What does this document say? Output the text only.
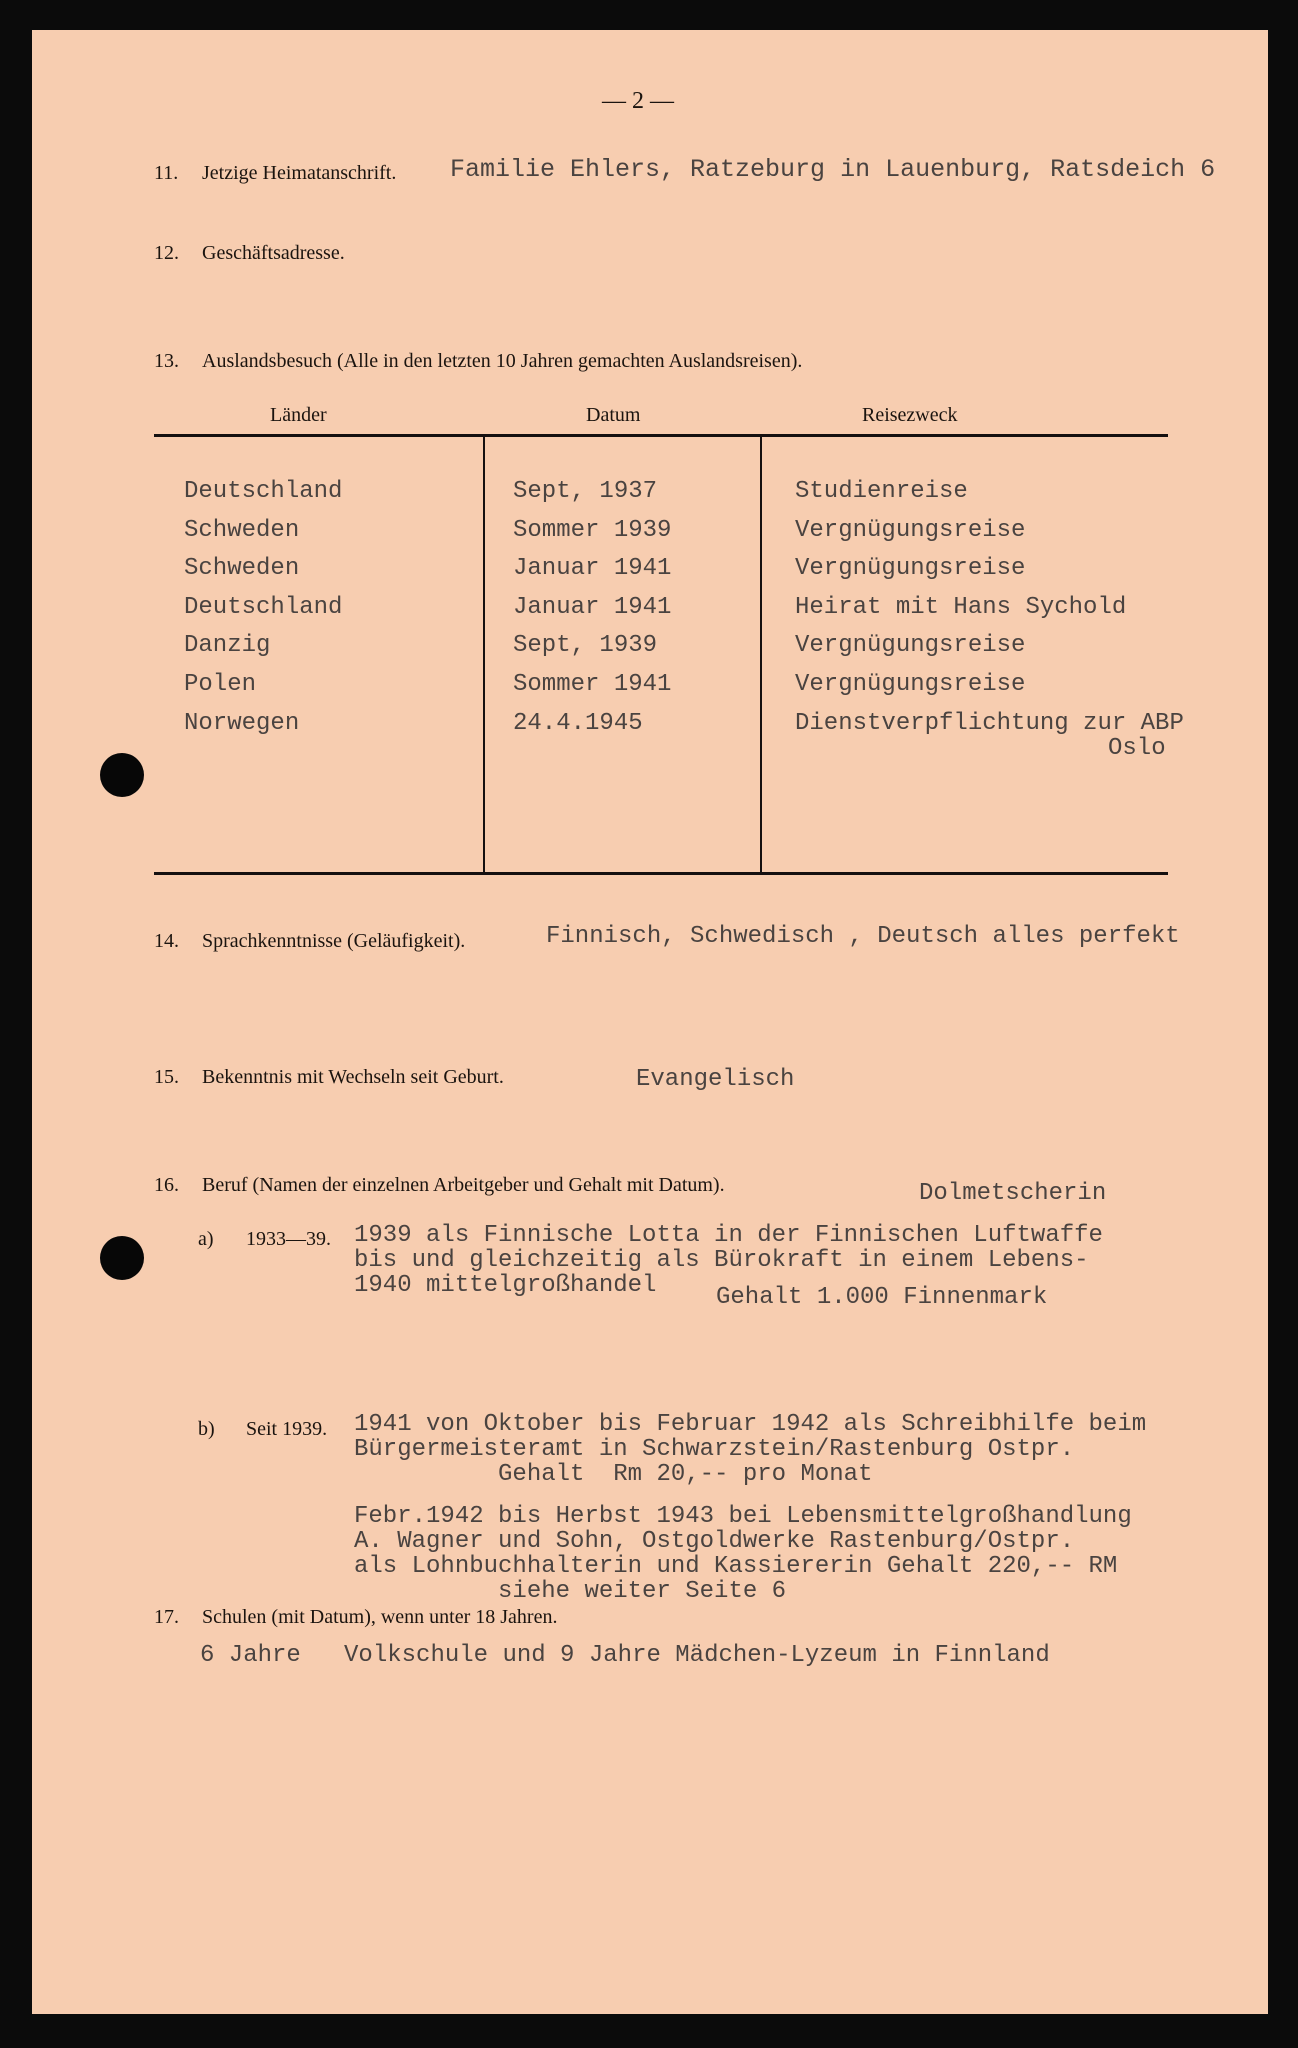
— 2 —
11. Jetzige Heimatanschrift. Familie Ehlers, Ratzeburg in Lauenburg, Ratsdeich 6
12. Geschäftsadresse.
13. Auslandsbesuch (Alle in den letzten 10 Jahren gemachten Auslandsreisen).
Länder	Datum	Reisezweck
Deutschland	Sept, 1937	Studienreise
Schweden	Sommer 1939	Vergnügungsreise
Schweden	Januar 1941	Vergnügungsreise
Deutschland	Januar 1941	Heirat mit Hans Sychold
Danzig	Sept, 1939	Vergnügungsreise
Polen	Sommer 1941	Vergnügungsreise
Norwegen	24.4.1945	Dienstverpflichtung zur ABP
Oslo
14. Sprachkenntnisse (Geläufigkeit).	Finnisch, Schwedisch , Deutsch alles perfekt
15. Bekenntnis mit Wechseln seit Geburt.	Evangelisch
16. Beruf (Namen der einzelnen Arbeitgeber und Gehalt mit Datum).	Dolmetscherin
a) 1933—39. 1939 als Finnische Lotta in der Finnischen Luftwaffe
bis und gleichzeitig als Bürokraft in einem Lebens-
1940 mittelgroßhandel Gehalt 1.000 Finnenmark
b) Seit 1939. 1941 von Oktober bis Februar 1942 als Schreibhilfe beim
Bürgermeisteramt in Schwarzstein/Rastenburg Ostpr.
Gehalt  Rm 20,-- pro Monat
Febr.1942 bis Herbst 1943 bei Lebensmittelgroßhandlung
A. Wagner und Sohn, Ostgoldwerke Rastenburg/Ostpr.
als Lohnbuchhalterin und Kassiererin Gehalt 220,-- RM
siehe weiter Seite 6
17. Schulen (mit Datum), wenn unter 18 Jahren.
6 Jahre   Volkschule und 9 Jahre Mädchen-Lyzeum in Finnland
